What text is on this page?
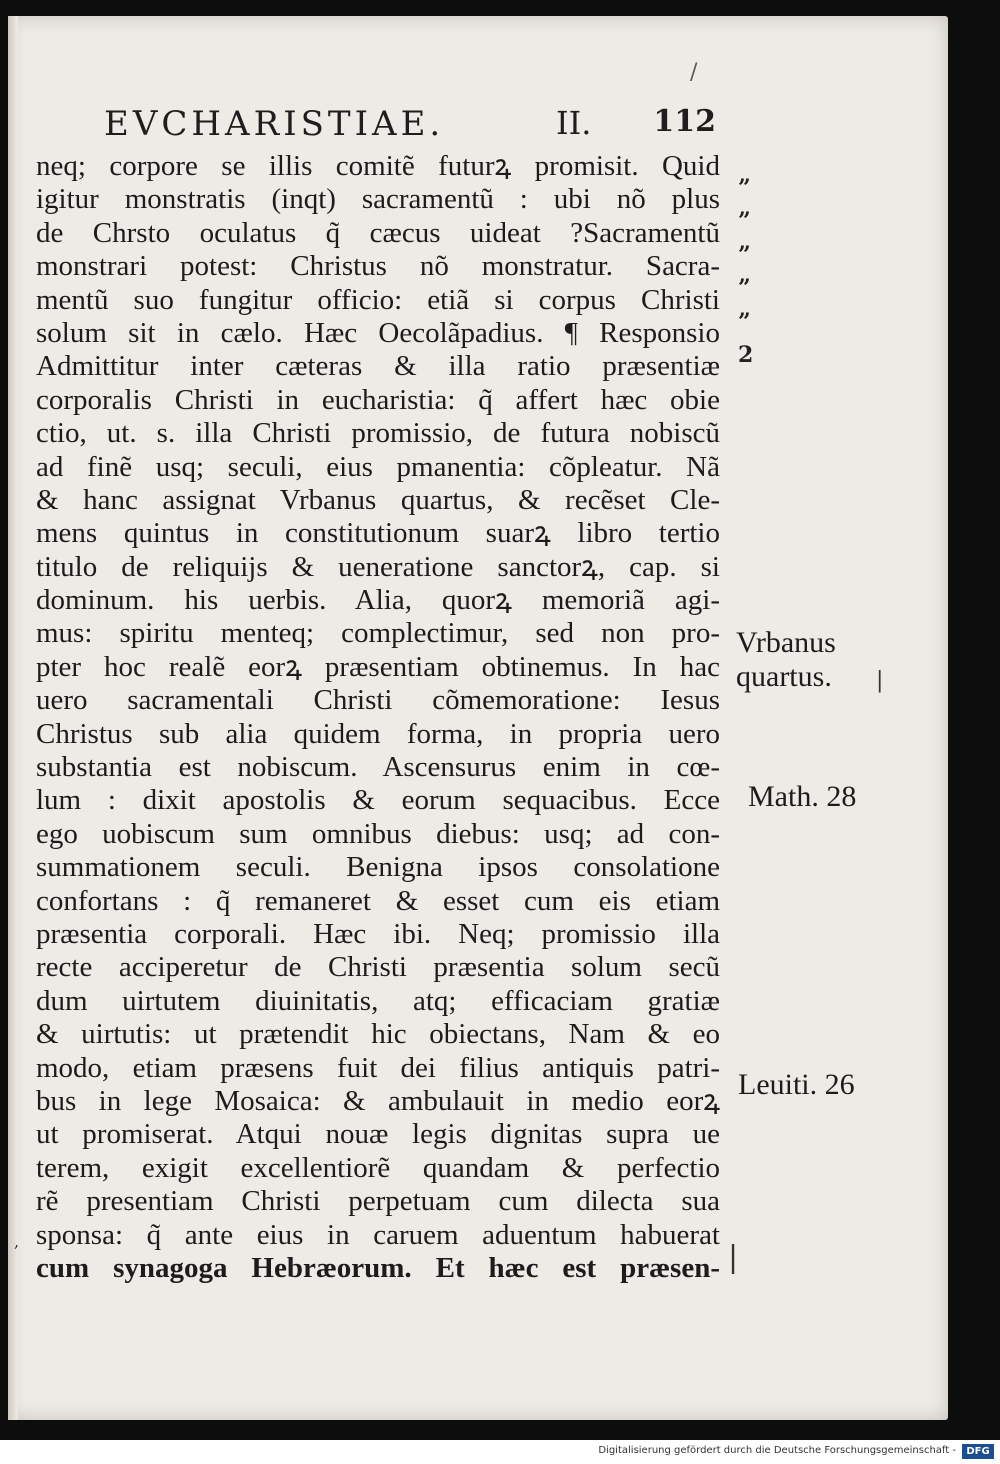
/
EVCHARISTIAE.	II. 112
neq; corpore se illis comitẽ futurꝝ promisit. Quid
igitur monstratis (inqt) sacramentũ : ubi nõ plus
de Chrsto oculatus q̃ cæcus uideat ?Sacramentũ
monstrari potest: Christus nõ monstratur. Sacra-
mentũ suo fungitur officio: etiã si corpus Christi
solum sit in cælo. Hæc Oecolãpadius. ¶ Responsio
Admittitur inter cæteras & illa ratio præsentiæ
corporalis Christi in eucharistia: q̃ affert hæc obie
ctio, ut. s. illa Christi promissio, de futura nobiscũ
ad finẽ usq; seculi, eius pmanentia: cõpleatur. Nã
& hanc assignat Vrbanus quartus, & recẽset Cle-
mens quintus in constitutionum suarꝝ libro tertio
titulo de reliquijs & ueneratione sanctorꝝ, cap. si
dominum. his uerbis. Alia, quorꝝ memoriã agi-
mus: spiritu menteq; complectimur, sed non pro-
pter hoc realẽ eorꝝ præsentiam obtinemus. In hac
uero sacramentali Christi cõmemoratione: Iesus
Christus sub alia quidem forma, in propria uero
substantia est nobiscum. Ascensurus enim in cœ-
lum : dixit apostolis & eorum sequacibus. Ecce
ego uobiscum sum omnibus diebus: usq; ad con-
summationem seculi. Benigna ipsos consolatione
confortans : q̃ remaneret & esset cum eis etiam
præsentia corporali. Hæc ibi. Neq; promissio illa
recte acciperetur de Christi præsentia solum secũ
dum uirtutem diuinitatis, atq; efficaciam gratiæ
& uirtutis: ut prætendit hic obiectans, Nam & eo
modo, etiam præsens fuit dei filius antiquis patri-
bus in lege Mosaica: & ambulauit in medio eorꝝ
ut promiserat. Atqui nouæ legis dignitas supra ue
terem, exigit excellentiorẽ quandam & perfectio
rẽ presentiam Christi perpetuam cum dilecta sua
sponsa: q̃ ante eius in caruem aduentum habuerat
cum synagoga Hebræorum. Et hæc est præsen-
”
”
”
”
”
2
Vrbanus
quartus.
Math. 28
Leuiti. 26
|
|
,
Digitalisierung gefördert durch die Deutsche Forschungsgemeinschaft -	DFG
